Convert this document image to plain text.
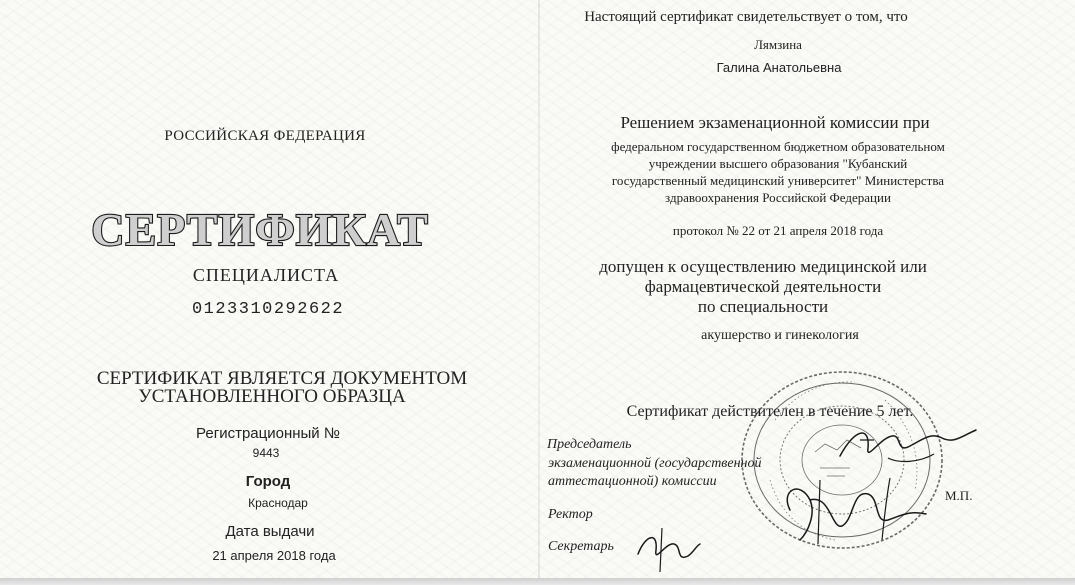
РОССИЙСКАЯ ФЕДЕРАЦИЯ
СЕРТИФИКАТ
СПЕЦИАЛИСТА
0123310292622
СЕРТИФИКАТ ЯВЛЯЕТСЯ ДОКУМЕНТОМ
УСТАНОВЛЕННОГО ОБРАЗЦА
Регистрационный №
9443
Город
Краснодар
Дата выдачи
21 апреля 2018 года
Настоящий сертификат свидетельствует о том, что
Лямзина
Галина Анатольевна
Решением экзаменационной комиссии при
федеральном государственном бюджетном образовательном
учреждении высшего образования "Кубанский
государственный медицинский университет" Министерства
здравоохранения Российской Федерации
протокол № 22 от 21 апреля 2018 года
допущен к осуществлению медицинской или
фармацевтической деятельности
по специальности
акушерство и гинекология
Сертификат действителен в течение 5 лет.
Председатель
экзаменационной (государственной
аттестационной) комиссии
М.П.
Ректор
Секретарь
